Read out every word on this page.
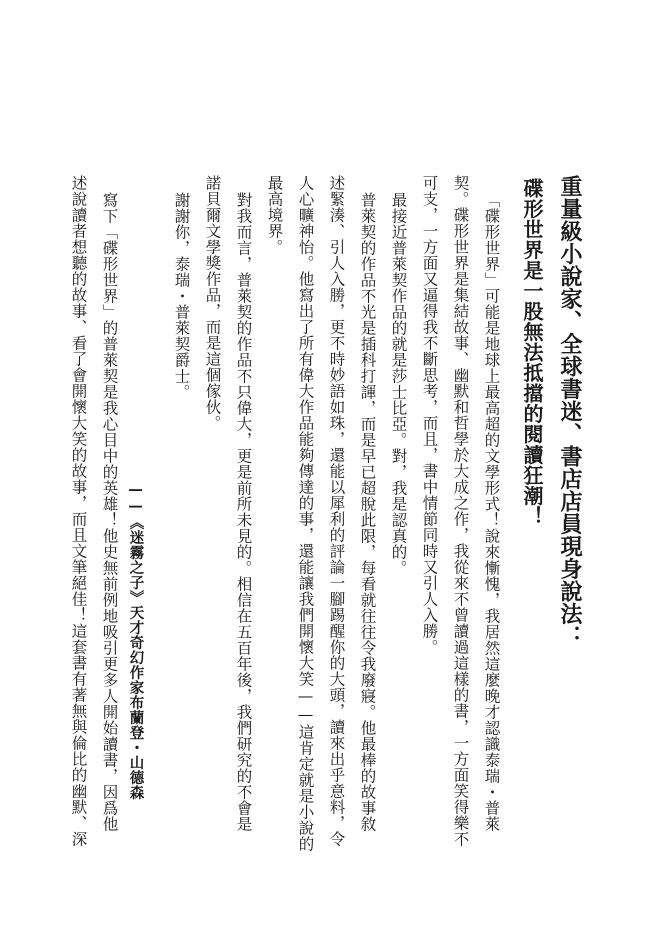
重量級小說家、全球書迷、書店店員現身說法：
碟形世界是一股無法抵擋的閱讀狂潮！
「碟形世界」可能是地球上最高超的文學形式！說來慚愧，我居然這麼晚才認識泰瑞・普萊
契。碟形世界是集結故事、幽默和哲學於大成之作，我從來不曾讀過這樣的書，一方面笑得樂不
可支，一方面又逼得我不斷思考，而且，書中情節同時又引人入勝。
最接近普萊契作品的就是莎士比亞。對，我是認真的。
普萊契的作品不光是插科打諢，而是早已超脫此限，每看就往往令我廢寢。他最棒的故事敘
述緊湊、引人入勝，更不時妙語如珠，還能以犀利的評論一腳踢醒你的大頭，讀來出乎意料，令
人心曠神怡。他寫出了所有偉大作品能夠傳達的事，還能讓我們開懷大笑——這肯定就是小說的
最高境界。
對我而言，普萊契的作品不只偉大，更是前所未見的。相信在五百年後，我們研究的不會是
諾貝爾文學獎作品，而是這個傢伙。
謝謝你，泰瑞・普萊契爵士。
——《迷霧之子》天才奇幻作家布蘭登・山德森
寫下「碟形世界」的普萊契是我心目中的英雄！他史無前例地吸引更多人開始讀書，因爲他
述說讀者想聽的故事、看了會開懷大笑的故事，而且文筆絕佳！這套書有著無與倫比的幽默、深
